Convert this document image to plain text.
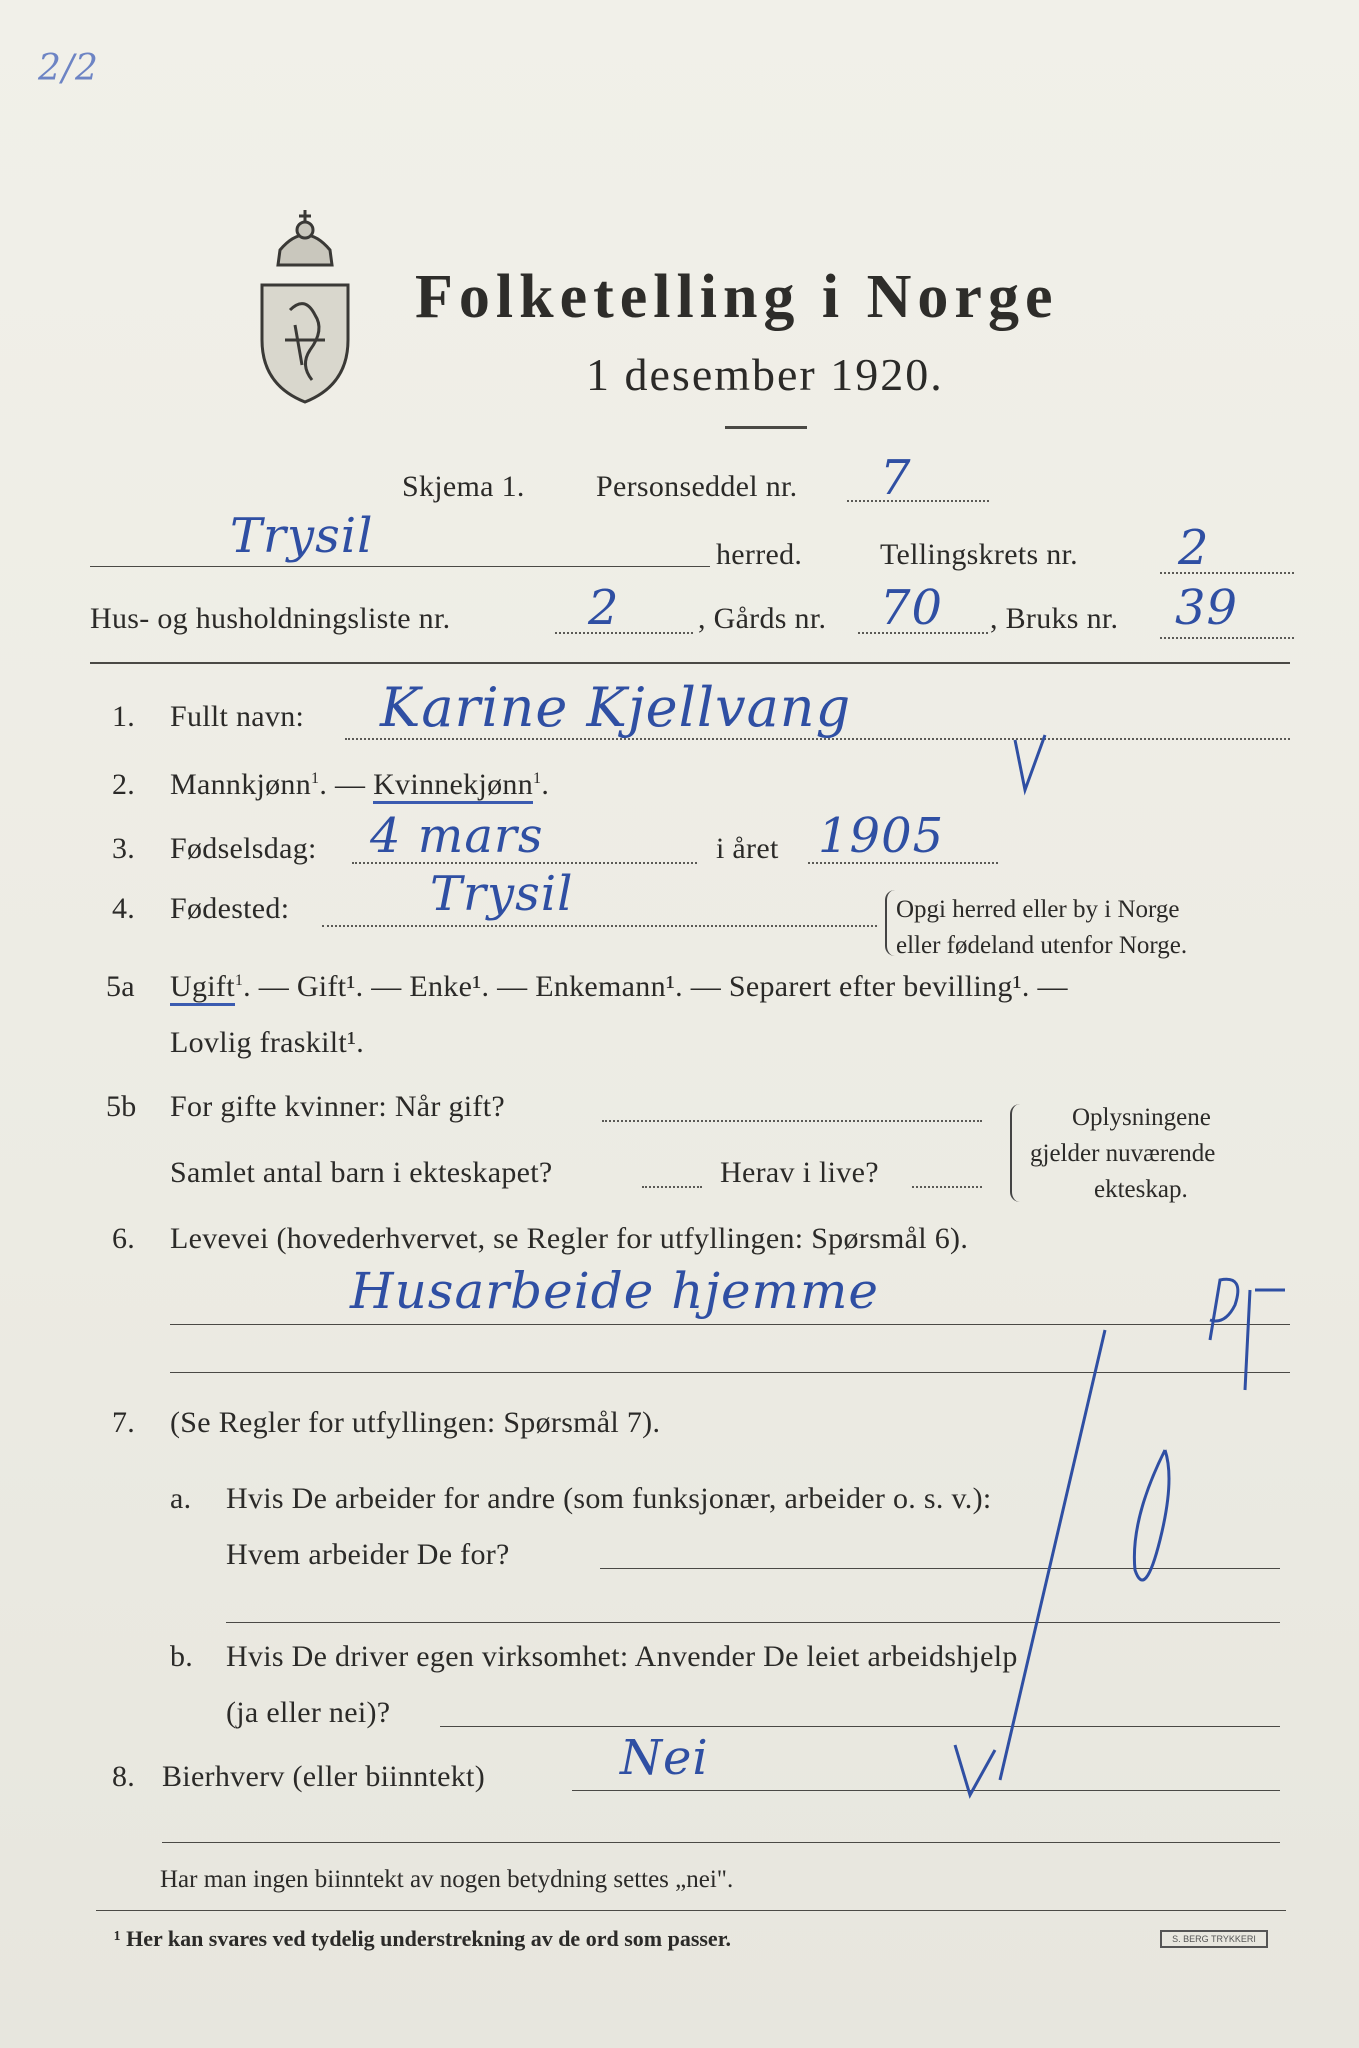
2/2
Folketelling i Norge
1 desember 1920.
Skjema 1. Personseddel nr. 7
Trysil	herred.	Tellingskrets nr. 2
Hus- og husholdningsliste nr.	2	, Gårds nr. 70 , Bruks nr. 39
1. Fullt navn: Karine Kjellvang
2. Mannkjønn$^1$. — Kvinnekjønn$^1$.
3. Fødselsdag: 4 mars	i året 1905
4. Fødested:	Trysil	Opgi herred eller by i Norge
eller fødeland utenfor Norge.
5a Ugift$^1$. — Gift¹. — Enke¹. — Enkemann¹. — Separert efter bevilling¹. —
Lovlig fraskilt¹.
5b For gifte kvinner: Når gift?
Samlet antal barn i ekteskapet?	Herav i live?
Oplysningene
gjelder nuværende
ekteskap.
6. Levevei (hovederhvervet, se Regler for utfyllingen: Spørsmål 6).
Husarbeide hjemme
7. (Se Regler for utfyllingen: Spørsmål 7).
a. Hvis De arbeider for andre (som funksjonær, arbeider o. s. v.):
Hvem arbeider De for?
b. Hvis De driver egen virksomhet: Anvender De leiet arbeidshjelp
(ja eller nei)?
8. Bierhverv (eller biinntekt)	Nei
Har man ingen biinntekt av nogen betydning settes „nei".
¹ Her kan svares ved tydelig understrekning av de ord som passer.	S. BERG TRYKKERI
